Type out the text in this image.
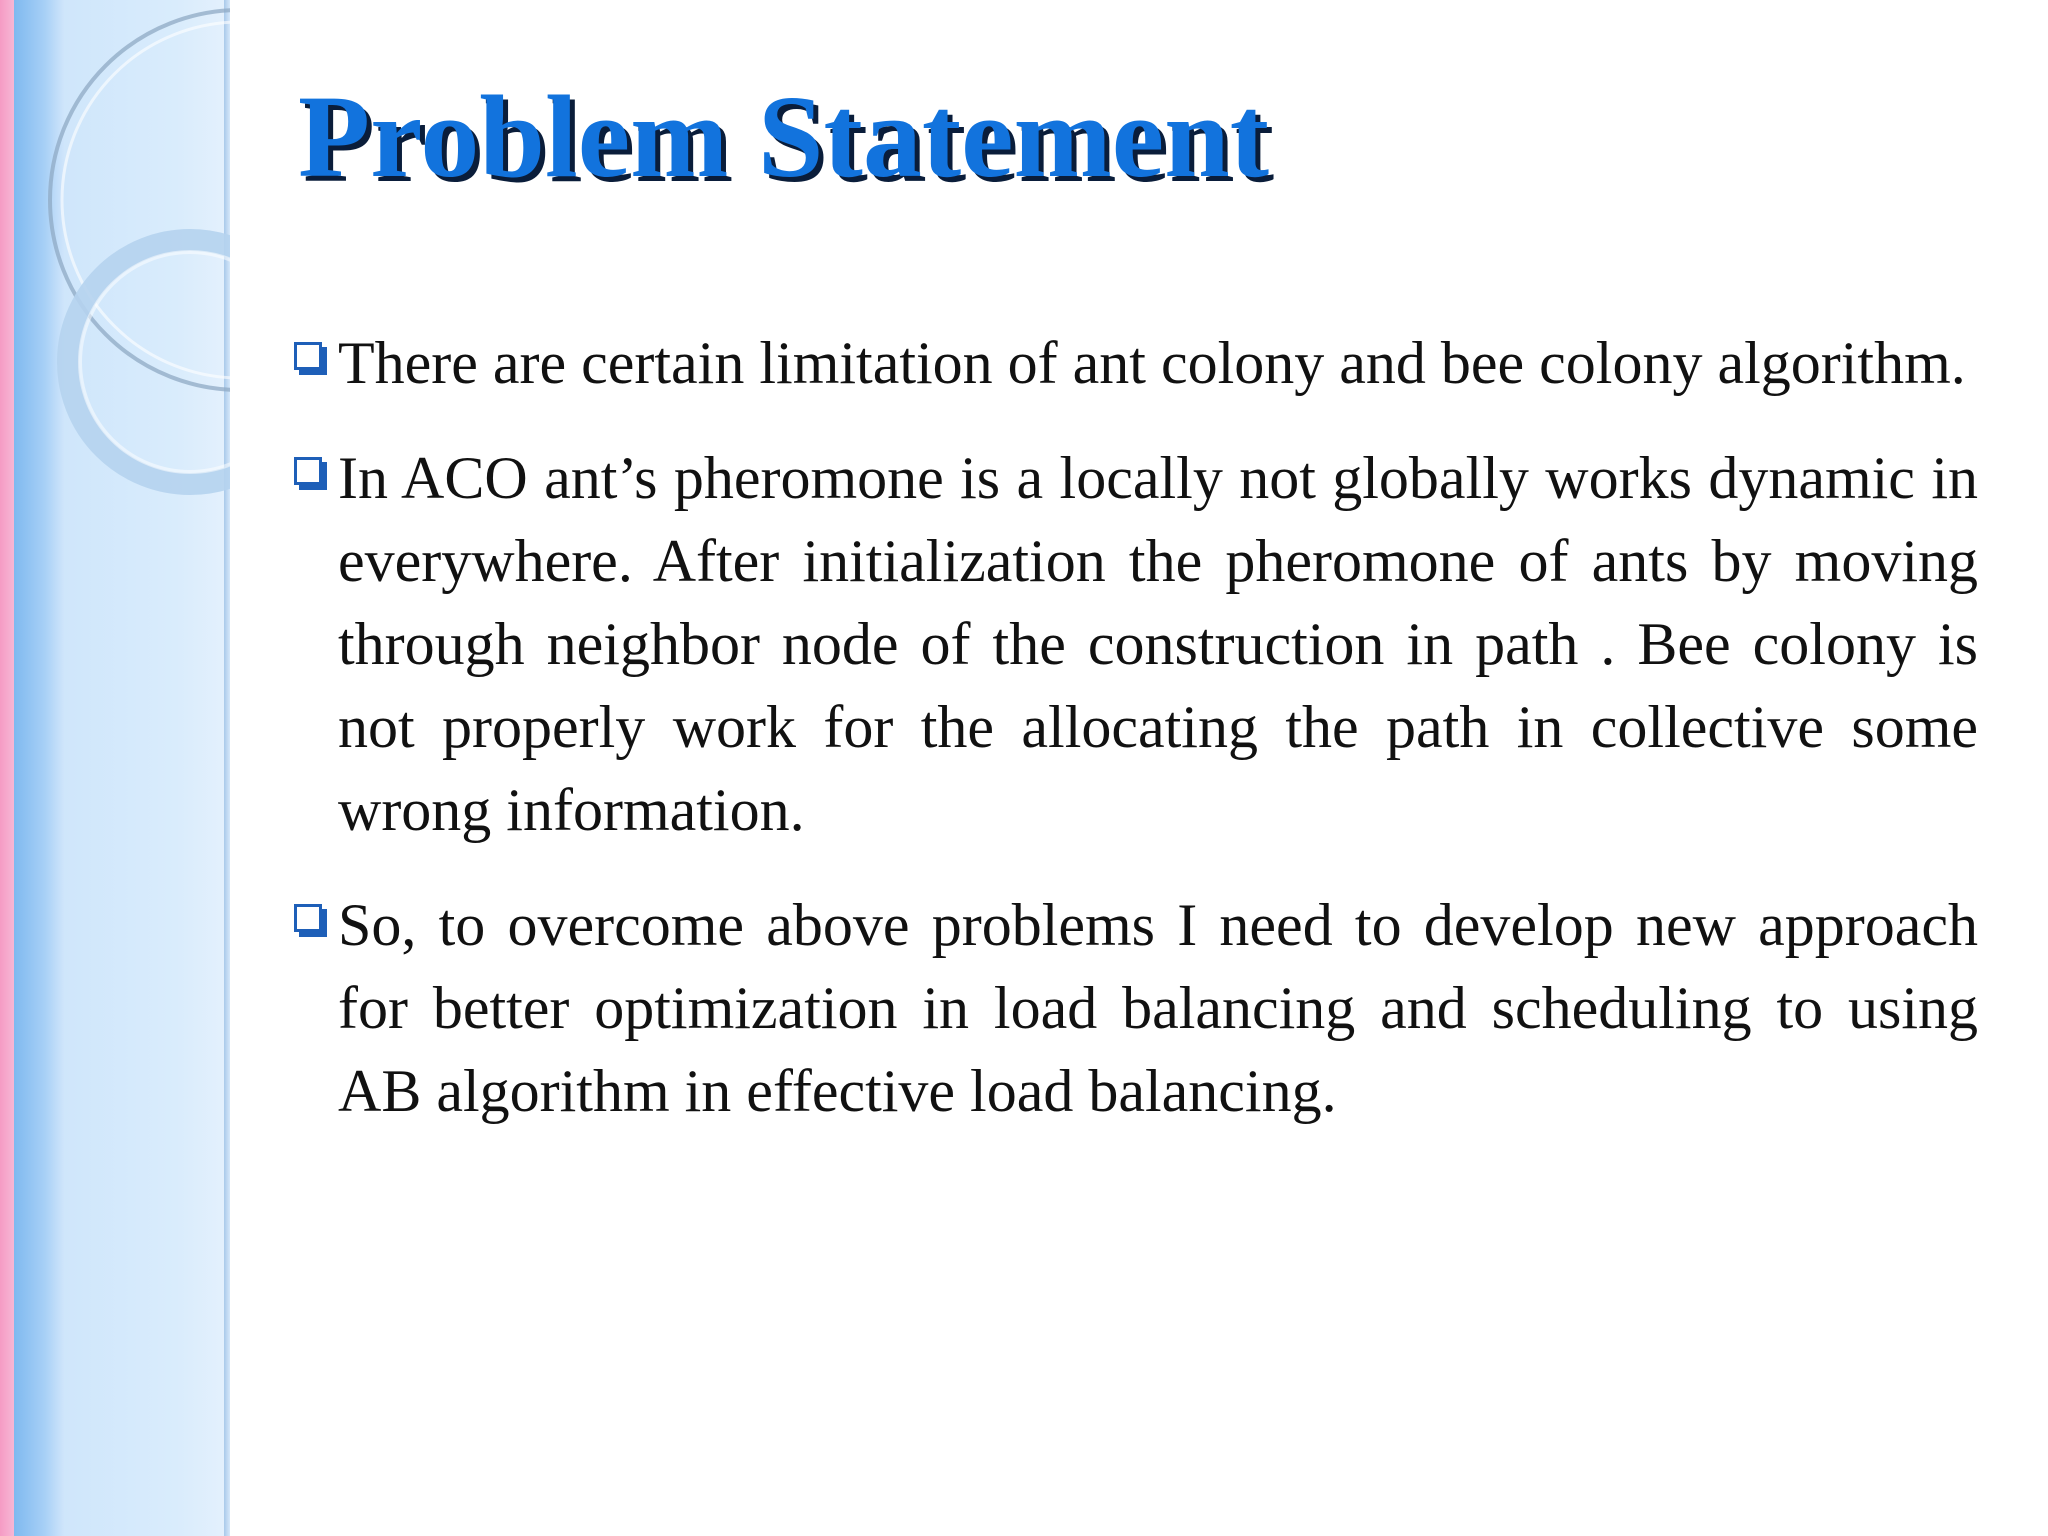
Problem Statement
There are certain limitation of ant colony and bee colony algorithm.
In ACO ant’s pheromone is a locally not globally works dynamic in everywhere. After initialization the pheromone of ants by moving through neighbor node of the construction in path . Bee colony is not properly work for the allocating the path in collective some wrong information.
So, to overcome above problems I need to develop new approach for better optimization in load balancing and scheduling to using AB algorithm in effective load balancing.
